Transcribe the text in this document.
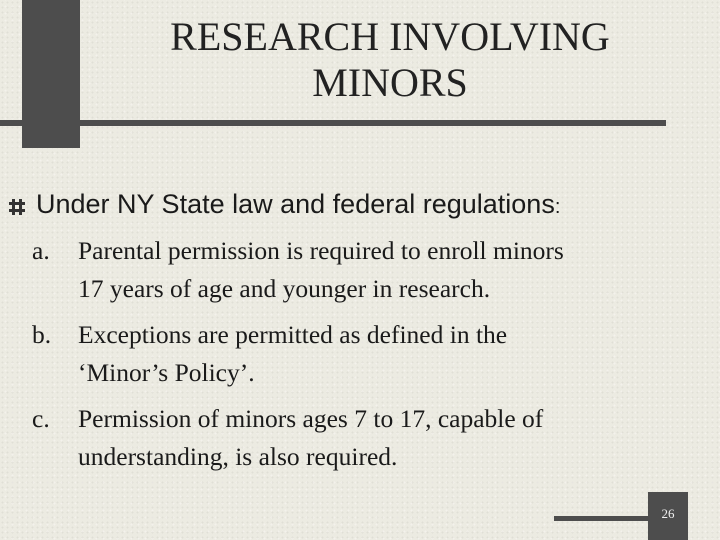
RESEARCH INVOLVING
MINORS
Under NY State law and federal regulations:
a.	Parental permission is required to enroll minors
17 years of age and younger in research.
b.	Exceptions are permitted as defined in the
‘Minor’s Policy’.
c.	Permission of minors ages 7 to 17, capable of
understanding, is also required.
26
